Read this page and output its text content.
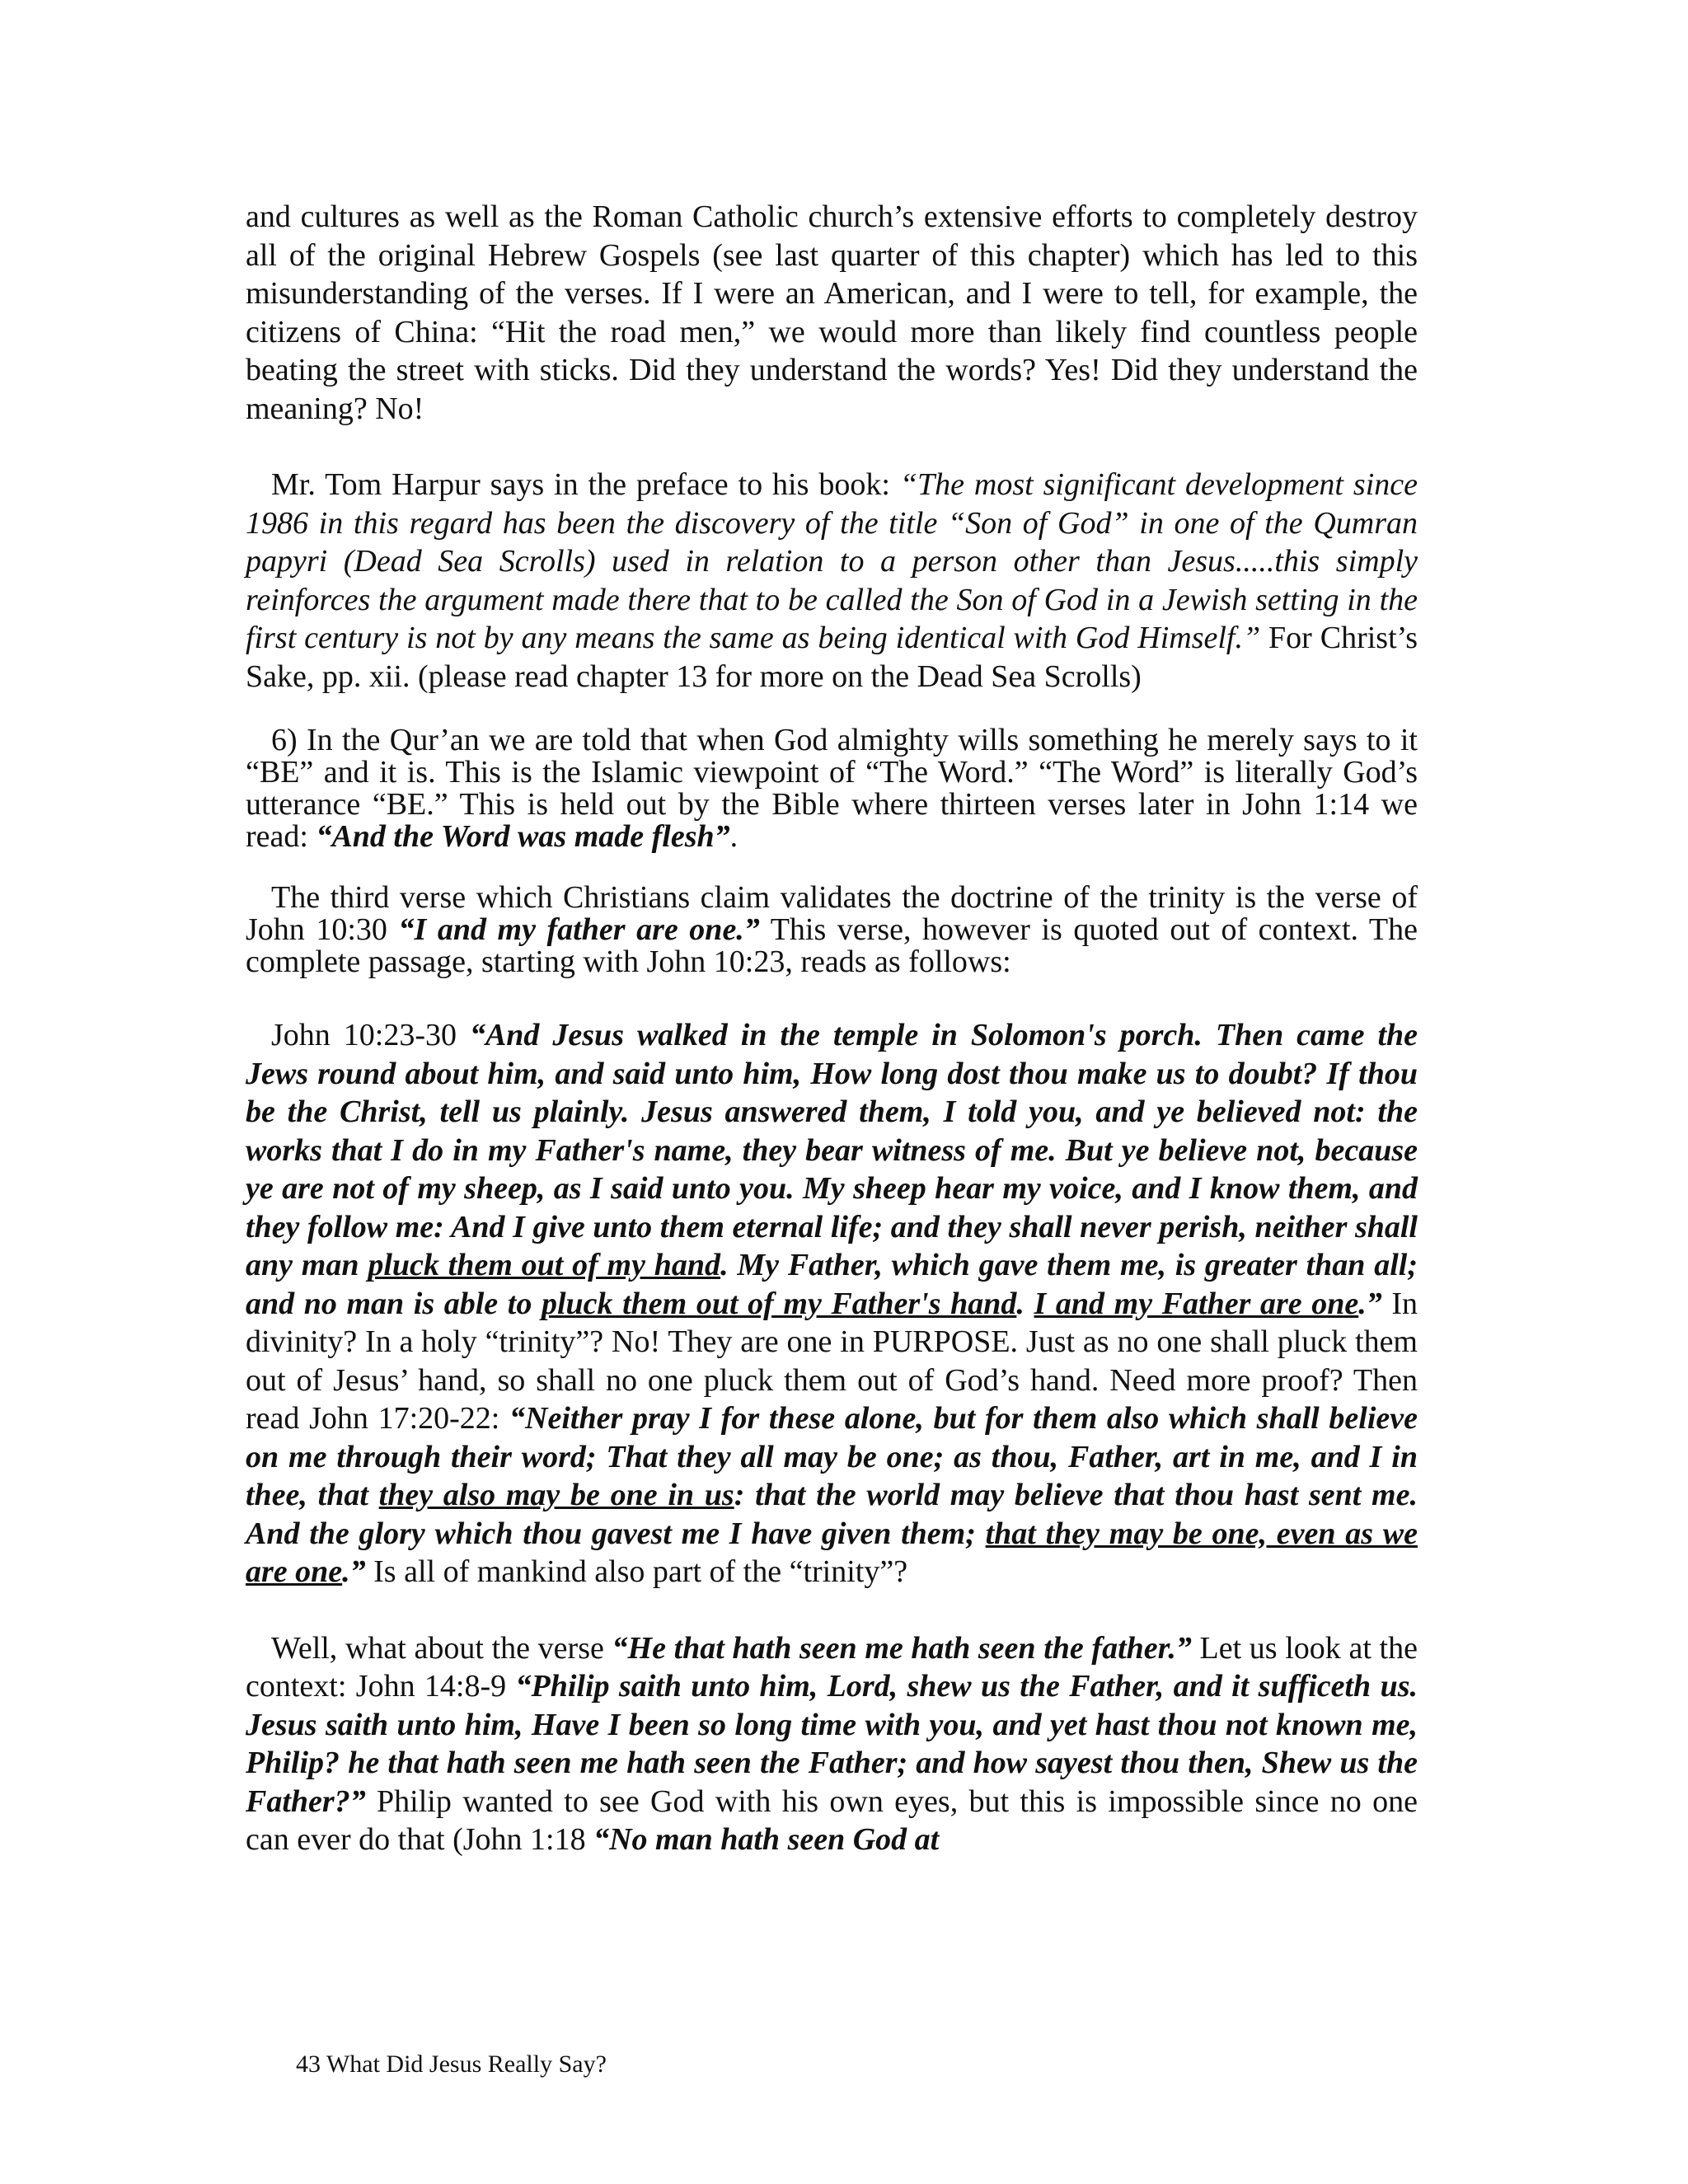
and cultures as well as the Roman Catholic church’s extensive efforts to completely destroy all of the original Hebrew Gospels (see last quarter of this chapter) which has led to this misunderstanding of the verses. If I were an American, and I were to tell, for example, the citizens of China: “Hit the road men,” we would more than likely find countless people beating the street with sticks. Did they understand the words? Yes! Did they understand the meaning? No!

Mr. Tom Harpur says in the preface to his book: “The most significant development since 1986 in this regard has been the discovery of the title “Son of God” in one of the Qumran papyri (Dead Sea Scrolls) used in relation to a person other than Jesus.....this simply reinforces the argument made there that to be called the Son of God in a Jewish setting in the first century is not by any means the same as being identical with God Himself.” For Christ’s Sake, pp. xii. (please read chapter 13 for more on the Dead Sea Scrolls)

6) In the Qur’an we are told that when God almighty wills something he merely says to it “BE” and it is. This is the Islamic viewpoint of “The Word.” “The Word” is literally God’s utterance “BE.” This is held out by the Bible where thirteen verses later in John 1:14 we read: “And the Word was made flesh”.

The third verse which Christians claim validates the doctrine of the trinity is the verse of John 10:30 “I and my father are one.” This verse, however is quoted out of context. The complete passage, starting with John 10:23, reads as follows:

John 10:23-30 “And Jesus walked in the temple in Solomon's porch. Then came the Jews round about him, and said unto him, How long dost thou make us to doubt? If thou be the Christ, tell us plainly. Jesus answered them, I told you, and ye believed not: the works that I do in my Father's name, they bear witness of me. But ye believe not, because ye are not of my sheep, as I said unto you. My sheep hear my voice, and I know them, and they follow me: And I give unto them eternal life; and they shall never perish, neither shall any man pluck them out of my hand. My Father, which gave them me, is greater than all; and no man is able to pluck them out of my Father's hand. I and my Father are one.” In divinity? In a holy “trinity”? No! They are one in PURPOSE. Just as no one shall pluck them out of Jesus’ hand, so shall no one pluck them out of God’s hand. Need more proof? Then read John 17:20-22: “Neither pray I for these alone, but for them also which shall believe on me through their word; That they all may be one; as thou, Father, art in me, and I in thee, that they also may be one in us: that the world may believe that thou hast sent me. And the glory which thou gavest me I have given them; that they may be one, even as we are one.” Is all of mankind also part of the “trinity”?

Well, what about the verse “He that hath seen me hath seen the father.” Let us look at the context: John 14:8-9 “Philip saith unto him, Lord, shew us the Father, and it sufficeth us. Jesus saith unto him, Have I been so long time with you, and yet hast thou not known me, Philip? he that hath seen me hath seen the Father; and how sayest thou then, Shew us the Father?” Philip wanted to see God with his own eyes, but this is impossible since no one can ever do that (John 1:18 “No man hath seen God at

43 What Did Jesus Really Say?
